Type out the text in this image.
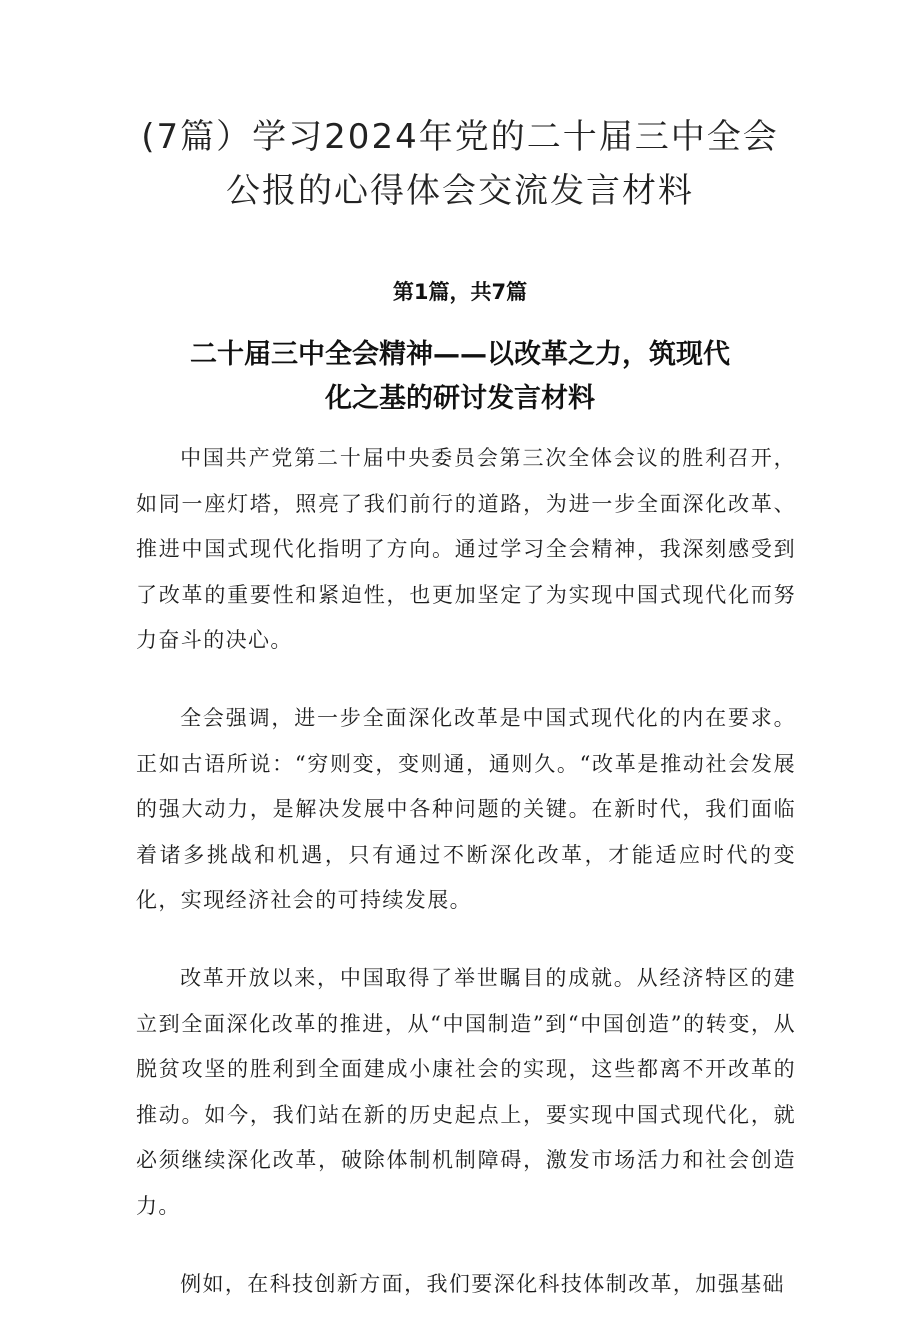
(7篇）学习2024年党的二十届三中全会
公报的心得体会交流发言材料
第1篇，共7篇
二十届三中全会精神——以改革之力，筑现代
化之基的研讨发言材料

中国共产党第二十届中央委员会第三次全体会议的胜利召开，如同一座灯塔，照亮了我们前行的道路，为进一步全面深化改革、推进中国式现代化指明了方向。通过学习全会精神，我深刻感受到了改革的重要性和紧迫性，也更加坚定了为实现中国式现代化而努力奋斗的决心。

全会强调，进一步全面深化改革是中国式现代化的内在要求。正如古语所说：“穷则变，变则通，通则久。“改革是推动社会发展的强大动力，是解决发展中各种问题的关键。在新时代，我们面临着诸多挑战和机遇，只有通过不断深化改革，才能适应时代的变化，实现经济社会的可持续发展。

改革开放以来，中国取得了举世瞩目的成就。从经济特区的建立到全面深化改革的推进，从“中国制造”到“中国创造”的转变，从脱贫攻坚的胜利到全面建成小康社会的实现，这些都离不开改革的推动。如今，我们站在新的历史起点上，要实现中国式现代化，就必须继续深化改革，破除体制机制障碍，激发市场活力和社会创造力。

例如，在科技创新方面，我们要深化科技体制改革，加强基础
